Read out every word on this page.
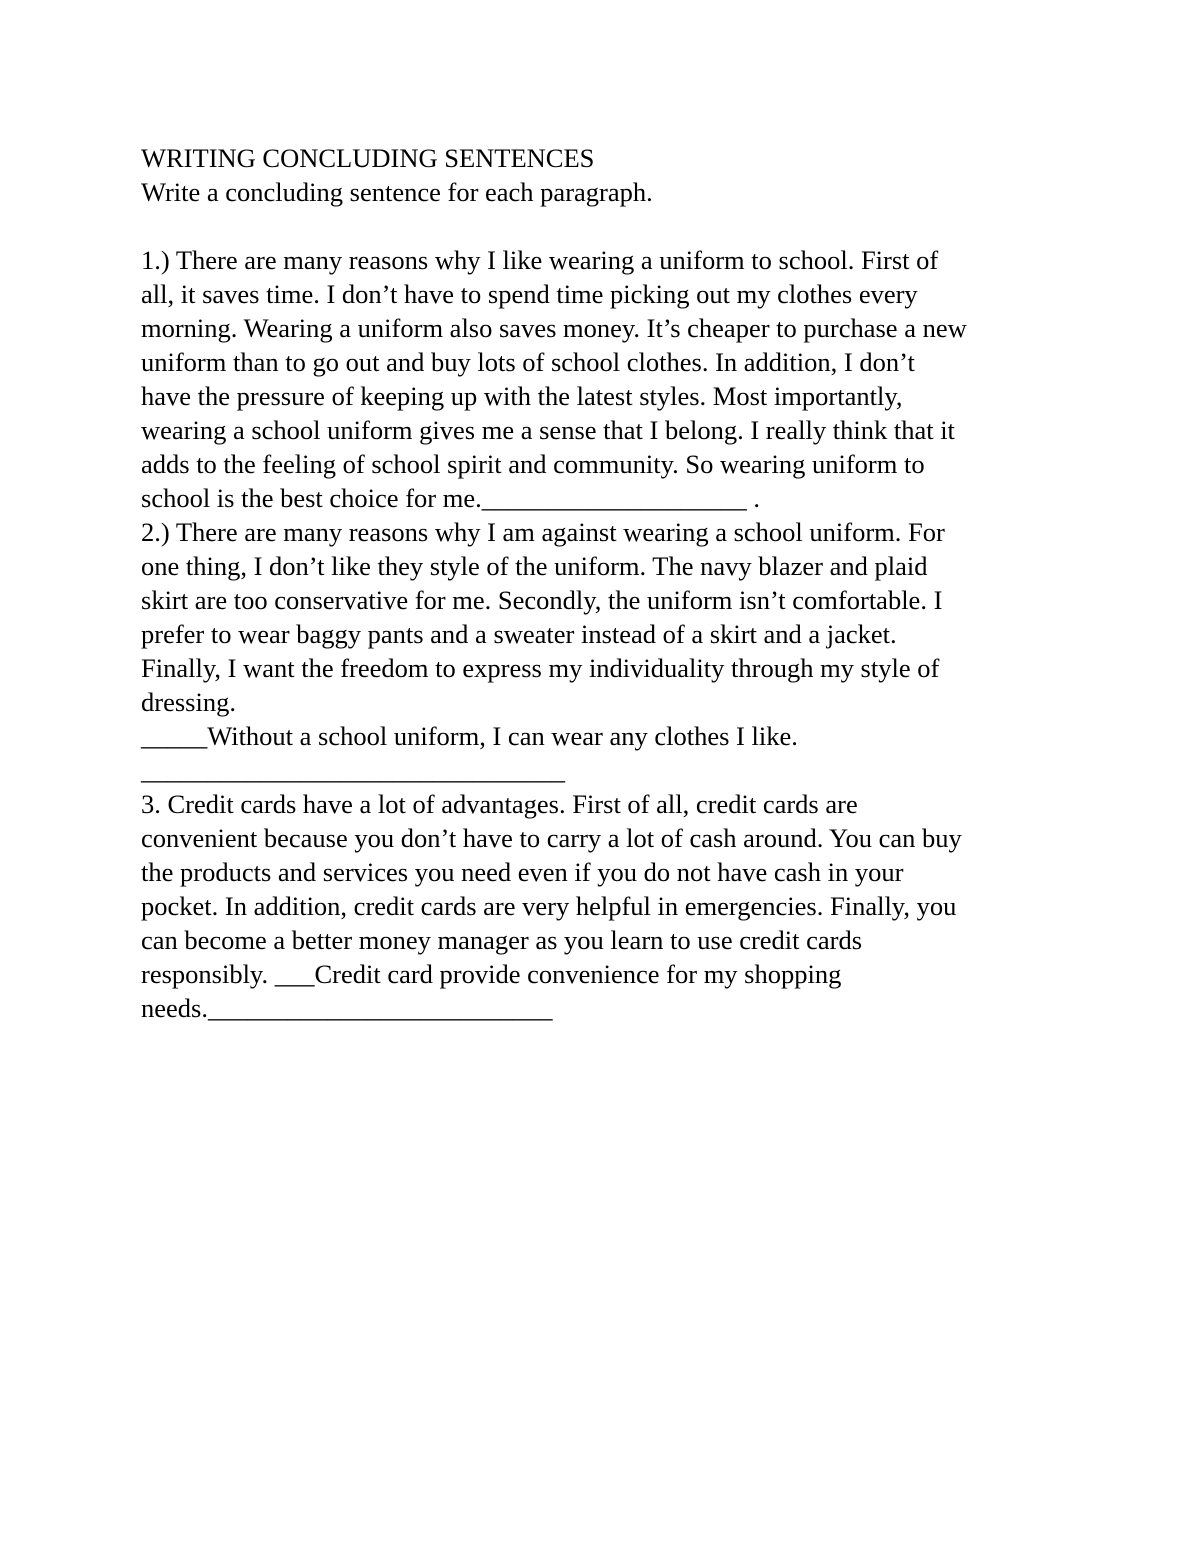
WRITING CONCLUDING SENTENCES
Write a concluding sentence for each paragraph.
1.) There are many reasons why I like wearing a uniform to school. First of
all, it saves time. I don’t have to spend time picking out my clothes every
morning. Wearing a uniform also saves money. It’s cheaper to purchase a new
uniform than to go out and buy lots of school clothes. In addition, I don’t
have the pressure of keeping up with the latest styles. Most importantly,
wearing a school uniform gives me a sense that I belong. I really think that it
adds to the feeling of school spirit and community. So wearing uniform to
school is the best choice for me.____________________ .
2.) There are many reasons why I am against wearing a school uniform. For
one thing, I don’t like they style of the uniform. The navy blazer and plaid
skirt are too conservative for me. Secondly, the uniform isn’t comfortable. I
prefer to wear baggy pants and a sweater instead of a skirt and a jacket.
Finally, I want the freedom to express my individuality through my style of
dressing.
_____Without a school uniform, I can wear any clothes I like.
________________________________
3. Credit cards have a lot of advantages. First of all, credit cards are
convenient because you don’t have to carry a lot of cash around. You can buy
the products and services you need even if you do not have cash in your
pocket. In addition, credit cards are very helpful in emergencies. Finally, you
can become a better money manager as you learn to use credit cards
responsibly. ___Credit card provide convenience for my shopping
needs.__________________________
